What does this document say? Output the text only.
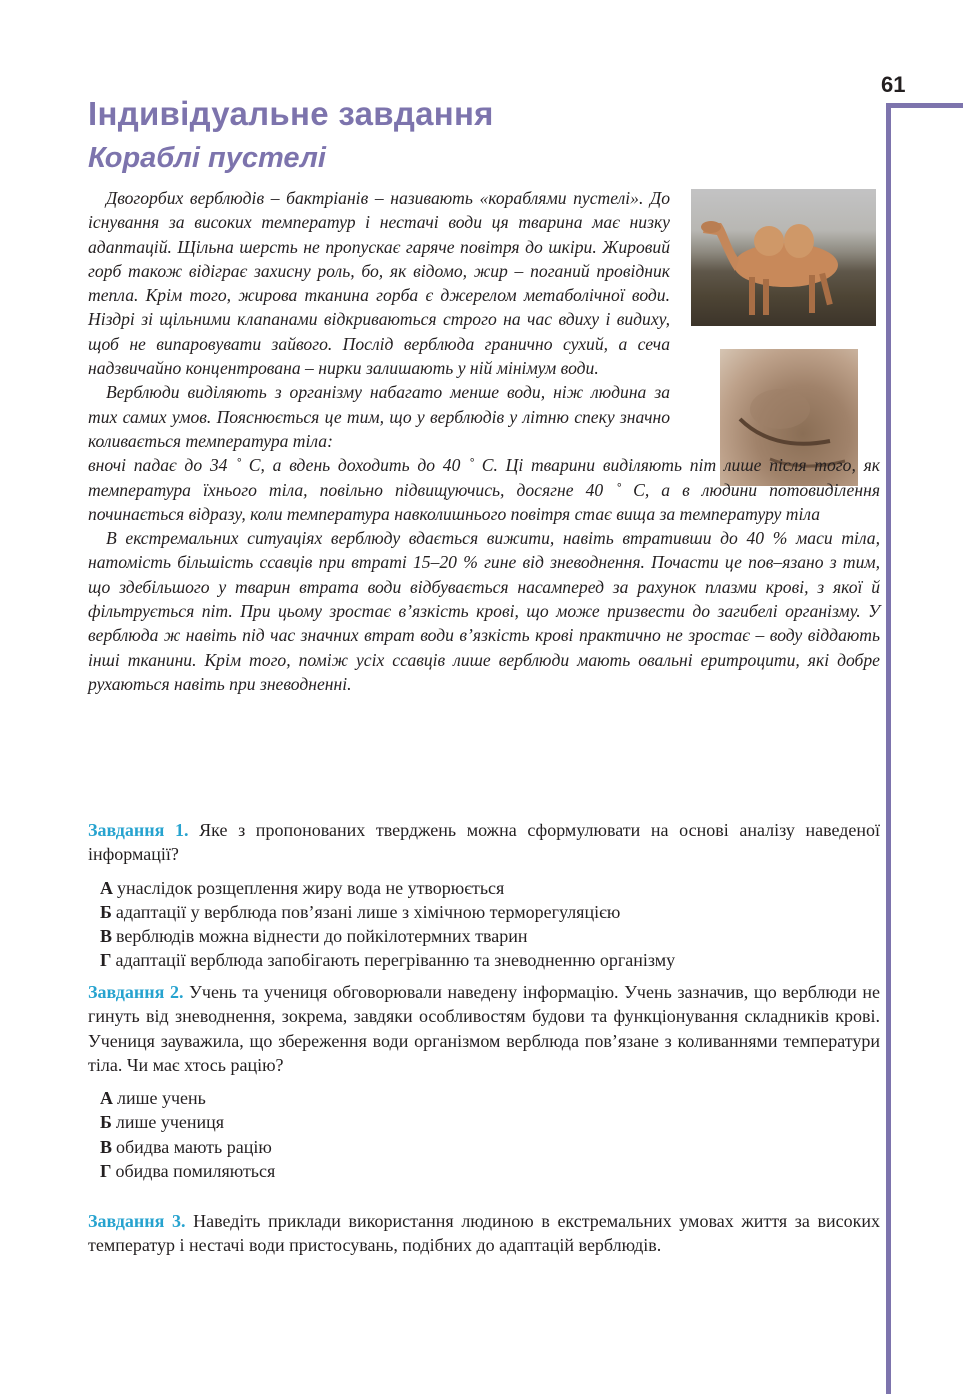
61
Індивідуальне завдання
Кораблі пустелі

Двогорбих верблюдів – бактріанів – називають «кораблями пустелі». До існування за високих температур і нестачі води ця тварина має низку адаптацій. Щільна шерсть не пропускає гаряче повітря до шкіри. Жировий горб також відіграє захисну роль, бо, як відомо, жир – поганий провідник тепла. Крім того, жирова тканина горба є джерелом метаболічної води. Ніздрі зі щільними клапанами відкриваються строго на час вдиху і видиху, щоб не випаровувати зайвого. Послід верблюда гранично сухий, а сеча надзвичайно концентрована – нирки залишають у ній мінімум води.

Верблюди виділяють з організму набагато менше води, ніж людина за тих самих умов. Пояснюється це тим, що у верблюдів у літню спеку значно коливається температура тіла:

вночі падає до 34 ˚ С, а вдень доходить до 40 ˚ С. Ці тварини виділяють піт лише після того, як температура їхнього тіла, повільно підвищуючись, досягне 40 ˚ С, а в людини потовиділення починається відразу, коли температура навколишнього повітря стає вища за температуру тіла

В екстремальних ситуаціях верблюду вдається вижити, навіть втративши до 40 % маси тіла, натомість більшість ссавців при втраті 15–20 % гине від зневоднення. Почасти це пов–язано з тим, що здебільшого у тварин втрата води відбувається насамперед за рахунок плазми крові, з якої й фільтрується піт. При цьому зростає в’язкість крові, що може призвести до загибелі організму. У верблюда ж навіть під час значних втрат води в’язкість крові практично не зростає – воду віддають інші тканини. Крім того, поміж усіх ссавців лише верблюди мають овальні еритроцити, які добре рухаються навіть при зневодненні.

Завдання 1. Яке з пропонованих тверджень можна сформулювати на основі аналізу наведеної інформації?

А унаслідок розщеплення жиру вода не утворюється
Б адаптації у верблюда пов’язані лише з хімічною терморегуляцією
В верблюдів можна віднести до пойкілотермних тварин
Г адаптації верблюда запобігають перегріванню та зневодненню організму

Завдання 2. Учень та учениця обговорювали наведену інформацію. Учень зазначив, що верблюди не гинуть від зневоднення, зокрема, завдяки особливостям будови та функціонування складників крові. Учениця зауважила, що збереження води організмом верблюда пов’язане з коливаннями температури тіла. Чи має хтось рацію?

А лише учень
Б лише учениця
В обидва мають рацію
Г обидва помиляються

Завдання 3. Наведіть приклади використання людиною в екстремальних умовах життя за високих температур і нестачі води пристосувань, подібних до адаптацій верблюдів.
